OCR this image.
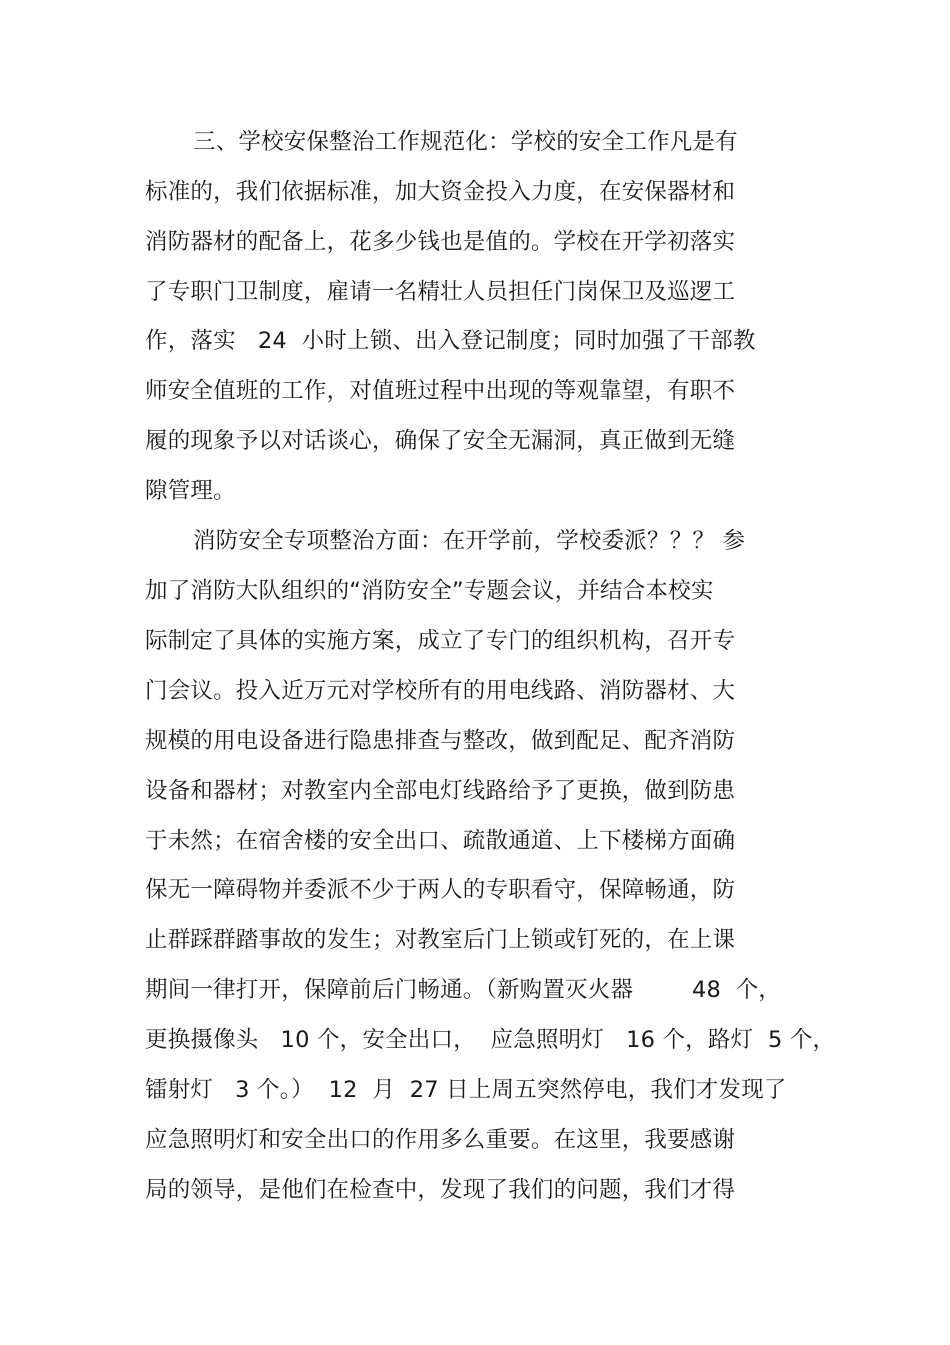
三、学校安保整治工作规范化：学校的安全工作凡是有
标准的，我们依据标准，加大资金投入力度，在安保器材和
消防器材的配备上，花多少钱也是值的。学校在开学初落实
了专职门卫制度，雇请一名精壮人员担任门岗保卫及巡逻工
作，落实   24  小时上锁、出入登记制度；同时加强了干部教
师安全值班的工作，对值班过程中出现的等观靠望，有职不
履的现象予以对话谈心，确保了安全无漏洞，真正做到无缝
隙管理。
消防安全专项整治方面：在开学前，学校委派？？？ 参
加了消防大队组织的“消防安全”专题会议，并结合本校实
际制定了具体的实施方案，成立了专门的组织机构，召开专
门会议。投入近万元对学校所有的用电线路、消防器材、大
规模的用电设备进行隐患排查与整改，做到配足、配齐消防
设备和器材；对教室内全部电灯线路给予了更换，做到防患
于未然；在宿舍楼的安全出口、疏散通道、上下楼梯方面确
保无一障碍物并委派不少于两人的专职看守，保障畅通，防
止群踩群踏事故的发生；对教室后门上锁或钉死的，在上课
期间一律打开，保障前后门畅通。（新购置灭火器        48  个，
更换摄像头   10 个，安全出口，  应急照明灯   16 个，路灯  5 个，
镭射灯   3 个。）  12  月  27 日上周五突然停电，我们才发现了
应急照明灯和安全出口的作用多么重要。在这里，我要感谢
局的领导，是他们在检查中，发现了我们的问题，我们才得
